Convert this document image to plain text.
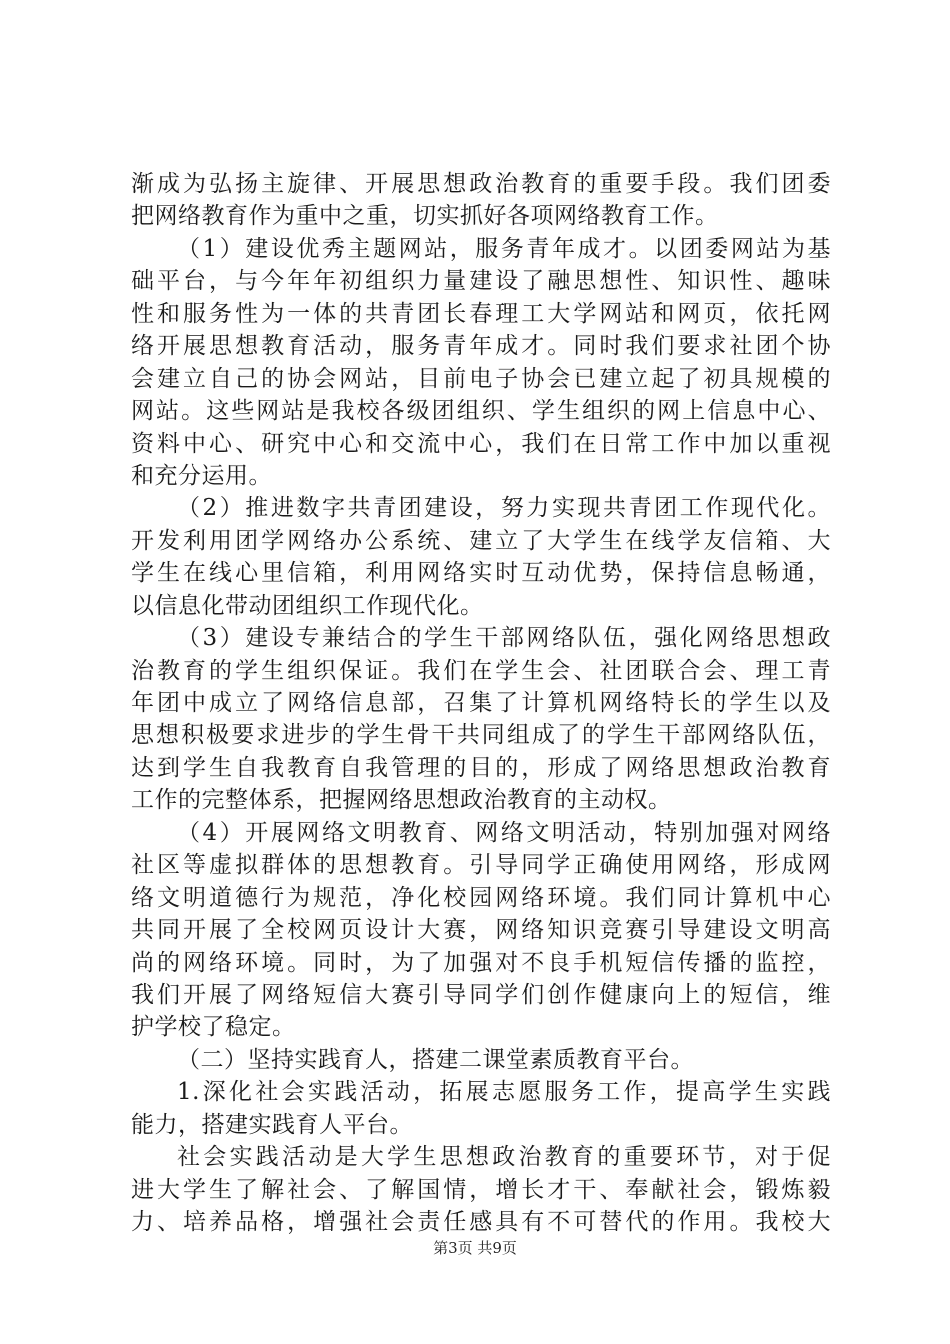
渐成为弘扬主旋律、开展思想政治教育的重要手段。我们团委
把网络教育作为重中之重，切实抓好各项网络教育工作。
（1）建设优秀主题网站，服务青年成才。以团委网站为基
础平台，与今年年初组织力量建设了融思想性、知识性、趣味
性和服务性为一体的共青团长春理工大学网站和网页，依托网
络开展思想教育活动，服务青年成才。同时我们要求社团个协
会建立自己的协会网站，目前电子协会已建立起了初具规模的
网站。这些网站是我校各级团组织、学生组织的网上信息中心、
资料中心、研究中心和交流中心，我们在日常工作中加以重视
和充分运用。
（2）推进数字共青团建设，努力实现共青团工作现代化。
开发利用团学网络办公系统、建立了大学生在线学友信箱、大
学生在线心里信箱，利用网络实时互动优势，保持信息畅通，
以信息化带动团组织工作现代化。
（3）建设专兼结合的学生干部网络队伍，强化网络思想政
治教育的学生组织保证。我们在学生会、社团联合会、理工青
年团中成立了网络信息部，召集了计算机网络特长的学生以及
思想积极要求进步的学生骨干共同组成了的学生干部网络队伍，
达到学生自我教育自我管理的目的，形成了网络思想政治教育
工作的完整体系，把握网络思想政治教育的主动权。
（4）开展网络文明教育、网络文明活动，特别加强对网络
社区等虚拟群体的思想教育。引导同学正确使用网络，形成网
络文明道德行为规范，净化校园网络环境。我们同计算机中心
共同开展了全校网页设计大赛，网络知识竞赛引导建设文明高
尚的网络环境。同时，为了加强对不良手机短信传播的监控，
我们开展了网络短信大赛引导同学们创作健康向上的短信，维
护学校了稳定。
（二）坚持实践育人，搭建二课堂素质教育平台。
1.深化社会实践活动，拓展志愿服务工作，提高学生实践
能力，搭建实践育人平台。
社会实践活动是大学生思想政治教育的重要环节，对于促
进大学生了解社会、了解国情，增长才干、奉献社会，锻炼毅
力、培养品格，增强社会责任感具有不可替代的作用。我校大
第3页 共9页
